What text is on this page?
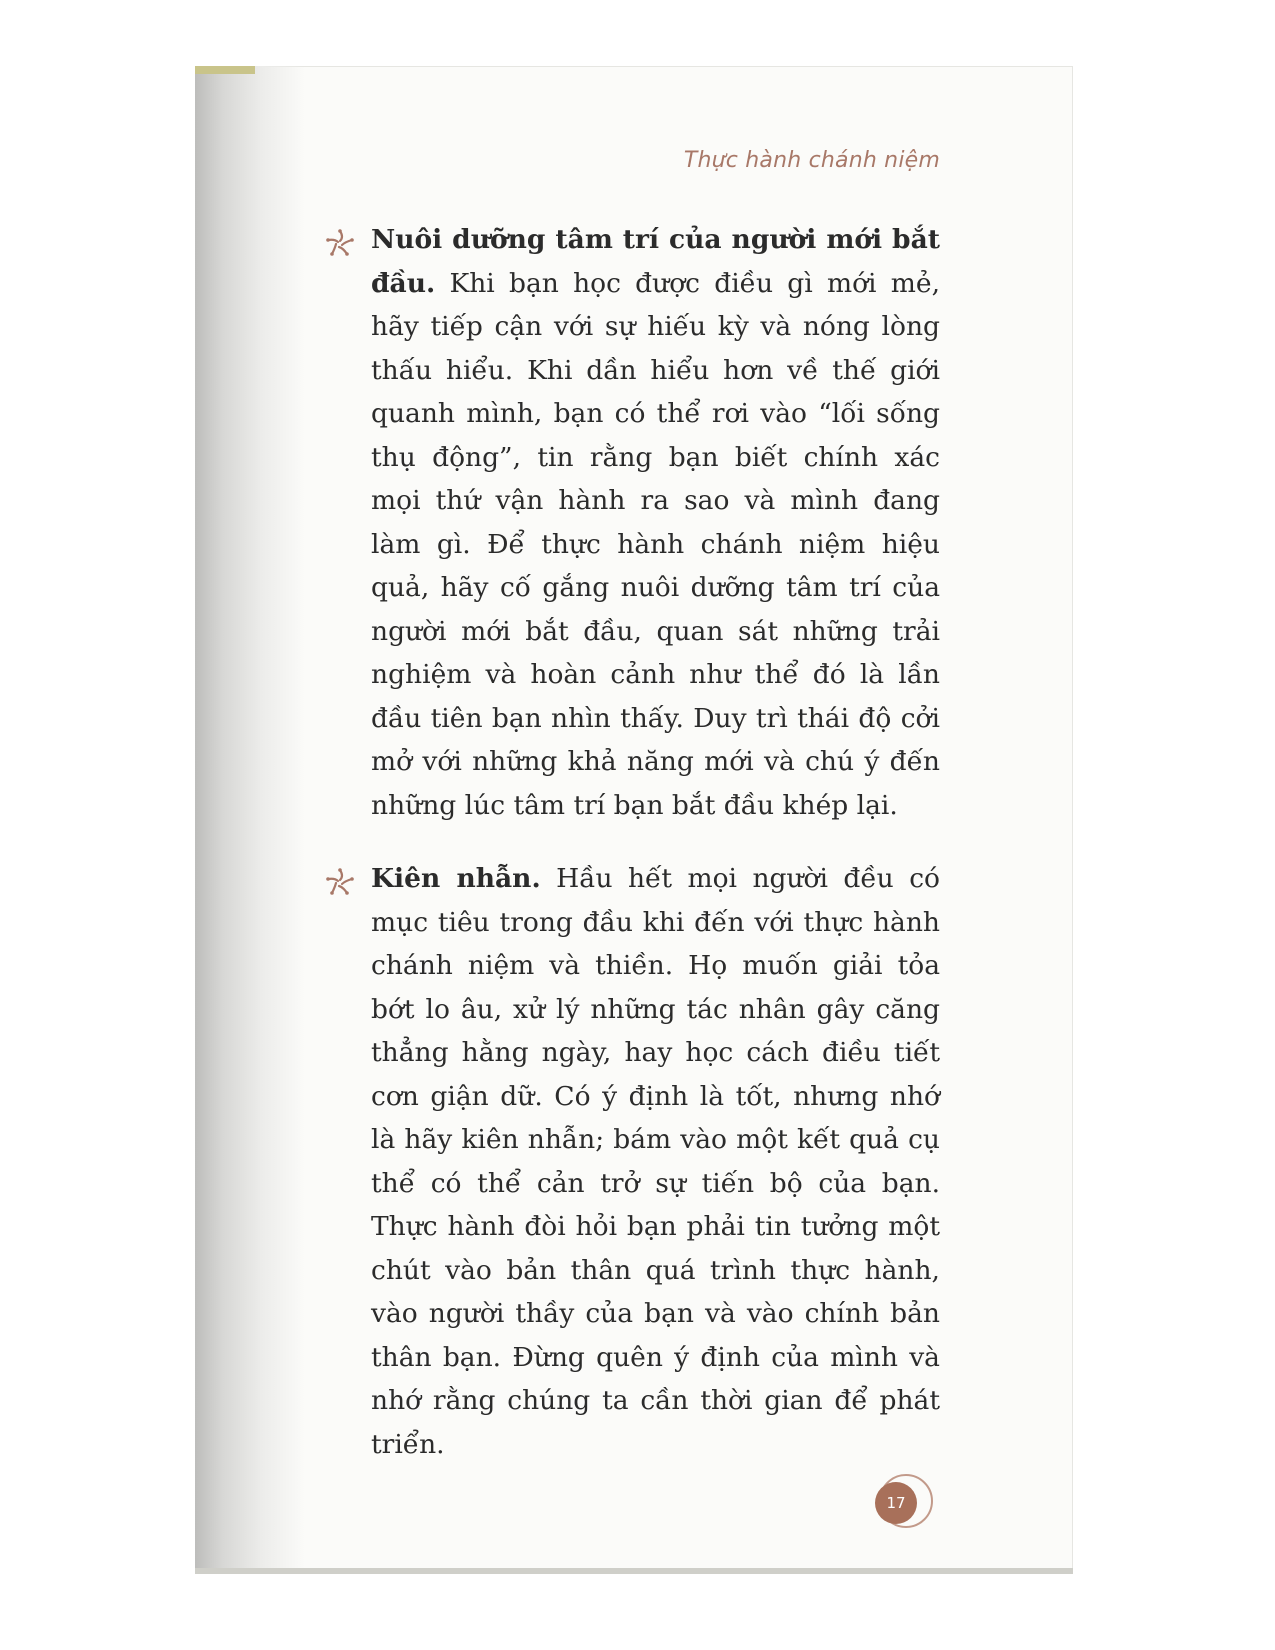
Thực hành chánh niệm

Nuôi dưỡng tâm trí của người mới bắt đầu. Khi bạn học được điều gì mới mẻ, hãy tiếp cận với sự hiếu kỳ và nóng lòng thấu hiểu. Khi dần hiểu hơn về thế giới quanh mình, bạn có thể rơi vào “lối sống thụ động”, tin rằng bạn biết chính xác mọi thứ vận hành ra sao và mình đang làm gì. Để thực hành chánh niệm hiệu quả, hãy cố gắng nuôi dưỡng tâm trí của người mới bắt đầu, quan sát những trải nghiệm và hoàn cảnh như thể đó là lần đầu tiên bạn nhìn thấy. Duy trì thái độ cởi mở với những khả năng mới và chú ý đến những lúc tâm trí bạn bắt đầu khép lại.

Kiên nhẫn. Hầu hết mọi người đều có mục tiêu trong đầu khi đến với thực hành chánh niệm và thiền. Họ muốn giải tỏa bớt lo âu, xử lý những tác nhân gây căng thẳng hằng ngày, hay học cách điều tiết cơn giận dữ. Có ý định là tốt, nhưng nhớ là hãy kiên nhẫn; bám vào một kết quả cụ thể có thể cản trở sự tiến bộ của bạn. Thực hành đòi hỏi bạn phải tin tưởng một chút vào bản thân quá trình thực hành, vào người thầy của bạn và vào chính bản thân bạn. Đừng quên ý định của mình và nhớ rằng chúng ta cần thời gian để phát triển.

17
